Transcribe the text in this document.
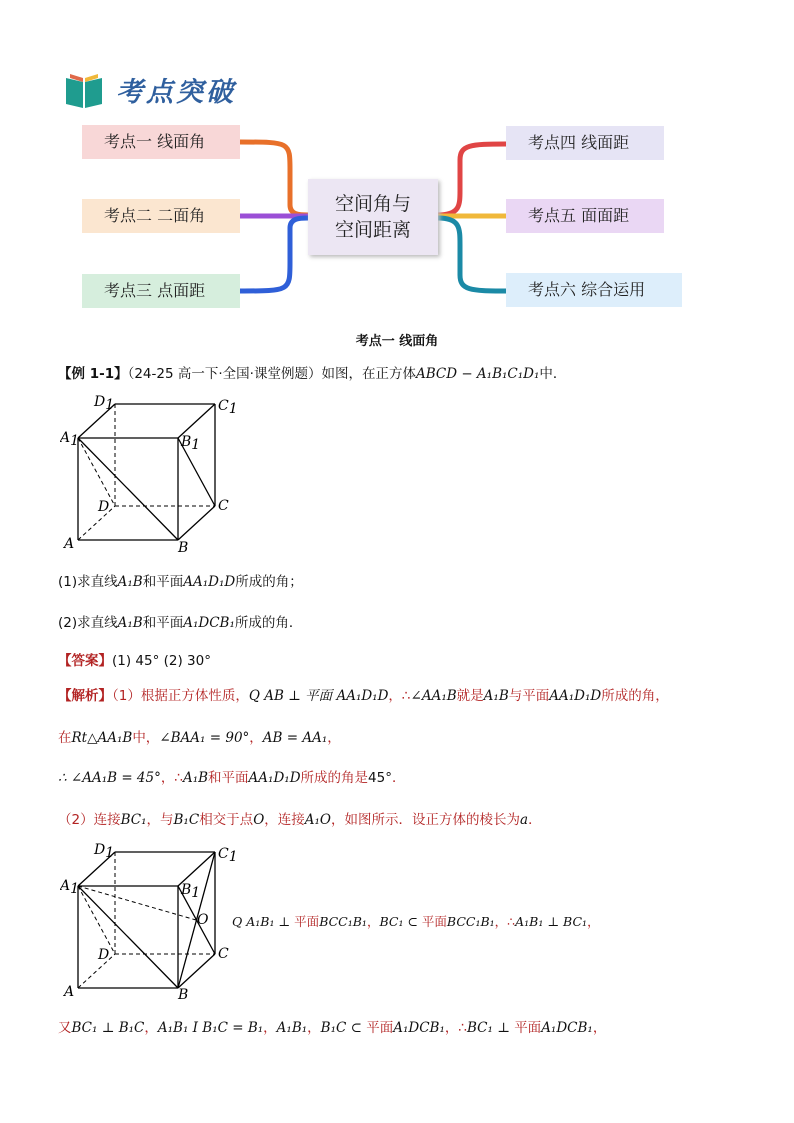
考点突破
考点一 线面角
考点二 二面角
考点三 点面距
空间角与
空间距离
考点四 线面距
考点五 面面距
考点六 综合运用
考点一 线面角
【例 1-1】（24-25 高一下·全国·课堂例题）如图，在正方体ABCD − A₁B₁C₁D₁中．
D1	C1
A1	B1
D	C
A	B
(1)求直线A₁B和平面AA₁D₁D所成的角；
(2)求直线A₁B和平面A₁DCB₁所成的角．
【答案】(1) 45° (2) 30°
【解析】（1）根据正方体性质，Q AB ⊥ 平面 AA₁D₁D，∴∠AA₁B就是A₁B与平面AA₁D₁D所成的角，
在Rt△AA₁B中，∠BAA₁ = 90°，AB = AA₁，
∴ ∠AA₁B = 45°，∴A₁B和平面AA₁D₁D所成的角是45°．
（2）连接BC₁，与B₁C相交于点O，连接A₁O，如图所示．设正方体的棱长为a．
D1	C1
A1	B1
O
D	C
A	B
Q A₁B₁ ⊥ 平面BCC₁B₁，BC₁ ⊂ 平面BCC₁B₁，∴A₁B₁ ⊥ BC₁，
又BC₁ ⊥ B₁C，A₁B₁ I B₁C = B₁，A₁B₁，B₁C ⊂ 平面A₁DCB₁，∴BC₁ ⊥ 平面A₁DCB₁，
